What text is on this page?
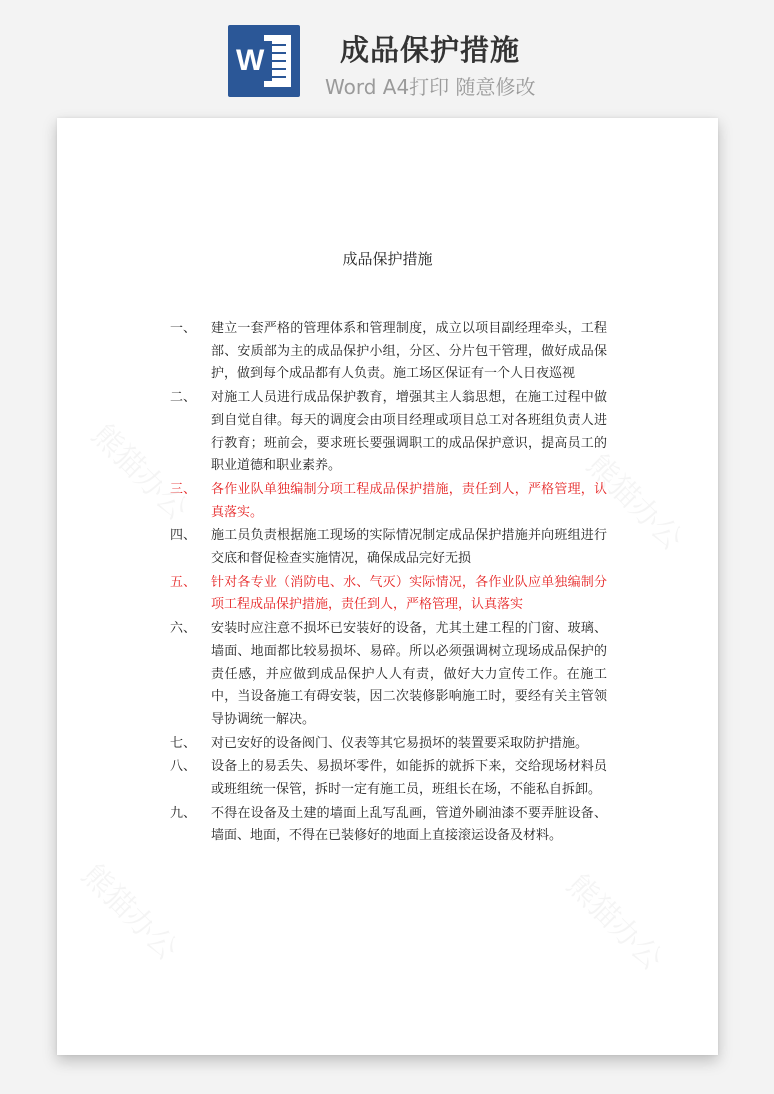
W	成品保护措施
Word A4打印 随意修改
成品保护措施
一、	建立一套严格的管理体系和管理制度，成立以项目副经理牵头，工程部、安质部为主的成品保护小组，分区、分片包干管理，做好成品保护，做到每个成品都有人负责。施工场区保证有一个人日夜巡视
二、	对施工人员进行成品保护教育，增强其主人翁思想，在施工过程中做到自觉自律。每天的调度会由项目经理或项目总工对各班组负责人进行教育；班前会，要求班长要强调职工的成品保护意识，提高员工的职业道德和职业素养。
三、	各作业队单独编制分项工程成品保护措施，责任到人，严格管理，认真落实。
四、	施工员负责根据施工现场的实际情况制定成品保护措施并向班组进行交底和督促检查实施情况，确保成品完好无损
五、	针对各专业（消防电、水、气灭）实际情况，各作业队应单独编制分项工程成品保护措施，责任到人，严格管理，认真落实
六、	安装时应注意不损坏已安装好的设备，尤其土建工程的门窗、玻璃、墙面、地面都比较易损坏、易碎。所以必须强调树立现场成品保护的责任感，并应做到成品保护人人有责，做好大力宣传工作。在施工中，当设备施工有碍安装，因二次装修影响施工时，要经有关主管领导协调统一解决。
七、	对已安好的设备阀门、仪表等其它易损坏的装置要采取防护措施。
八、	设备上的易丢失、易损坏零件，如能拆的就拆下来，交给现场材料员或班组统一保管，拆时一定有施工员，班组长在场，不能私自拆卸。
九、	不得在设备及土建的墙面上乱写乱画，管道外刷油漆不要弄脏设备、墙面、地面，不得在已装修好的地面上直接滚运设备及材料。
